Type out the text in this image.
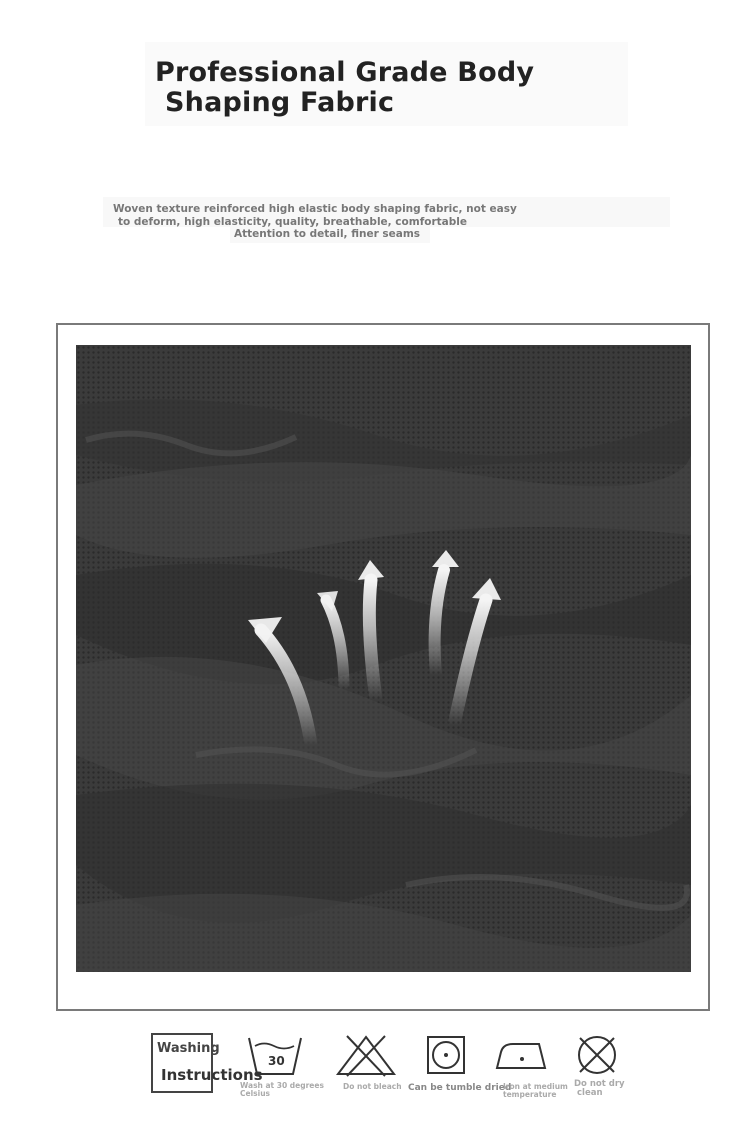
Professional Grade Body
Shaping Fabric
Woven texture reinforced high elastic body shaping fabric, not easy
to deform, high elasticity, quality, breathable, comfortable
Attention to detail, finer seams
Washing
Instructions
30
Wash at 30 degrees
Celsius
Do not bleach Can be tumble dried
Iron at medium
temperature
Do not dry
clean
